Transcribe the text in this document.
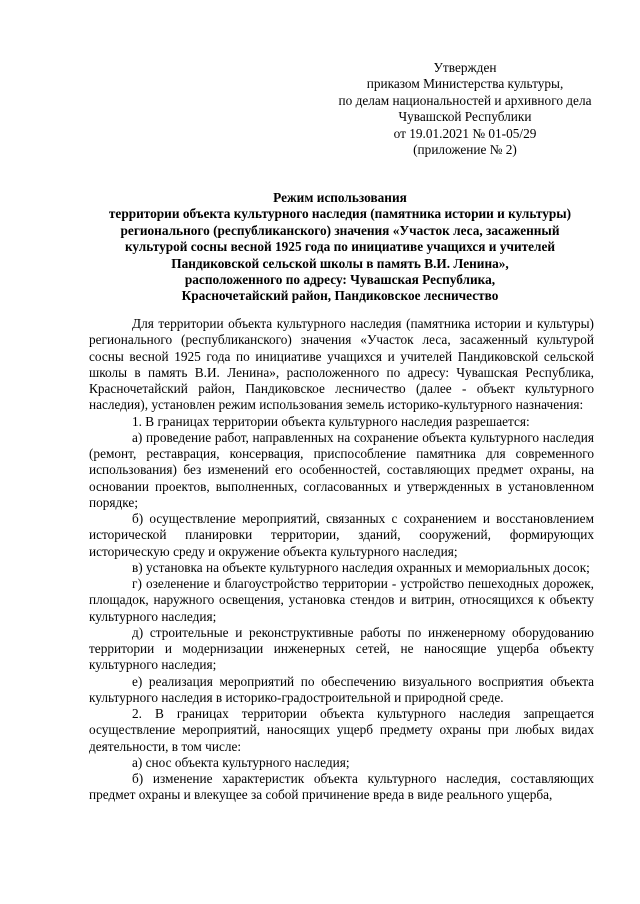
Утвержден
приказом Министерства культуры,
по делам национальностей и архивного дела
Чувашской Республики
от 19.01.2021 № 01-05/29
(приложение № 2)
Режим использования
территории объекта культурного наследия (памятника истории и культуры)
регионального (республиканского) значения «Участок леса, засаженный
культурой сосны весной 1925 года по инициативе учащихся и учителей
Пандиковской сельской школы в память В.И. Ленина»,
расположенного по адресу: Чувашская Республика,
Красночетайский район, Пандиковское лесничество

Для территории объекта культурного наследия (памятника истории и культуры) регионального (республиканского) значения «Участок леса, засаженный культурой сосны весной 1925 года по инициативе учащихся и учителей Пандиковской сельской школы в память В.И. Ленина», расположенного по адресу: Чувашская Республика, Красночетайский район, Пандиковское лесничество (далее - объект культурного наследия), установлен режим использования земель историко-культурного назначения:

1. В границах территории объекта культурного наследия разрешается:

а) проведение работ, направленных на сохранение объекта культурного наследия (ремонт, реставрация, консервация, приспособление памятника для современного использования) без изменений его особенностей, составляющих предмет охраны, на основании проектов, выполненных, согласованных и утвержденных в установленном порядке;

б) осуществление мероприятий, связанных с сохранением и восстановлением исторической планировки территории, зданий, сооружений, формирующих историческую среду и окружение объекта культурного наследия;

в) установка на объекте культурного наследия охранных и мемориальных досок;

г) озеленение и благоустройство территории - устройство пешеходных дорожек, площадок, наружного освещения, установка стендов и витрин, относящихся к объекту культурного наследия;

д) строительные и реконструктивные работы по инженерному оборудованию территории и модернизации инженерных сетей, не наносящие ущерба объекту культурного наследия;

е) реализация мероприятий по обеспечению визуального восприятия объекта культурного наследия в историко-градостроительной и природной среде.

2. В границах территории объекта культурного наследия запрещается осуществление мероприятий, наносящих ущерб предмету охраны при любых видах деятельности, в том числе:

а) снос объекта культурного наследия;

б) изменение характеристик объекта культурного наследия, составляющих предмет охраны и влекущее за собой причинение вреда в виде реального ущерба,
